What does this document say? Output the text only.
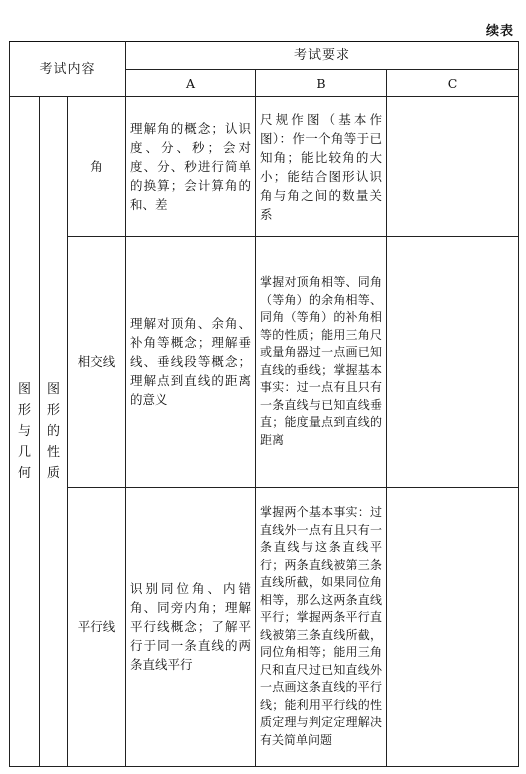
续表
考试内容			考试要求		
			A	B	C

图形与几何	图形的性质	角	理解角的概念；认识度、分、秒；会对度、分、秒进行简单的换算；会计算角的和、差	尺规作图（基本作图）：作一个角等于已知角；能比较角的大小；能结合图形认识角与角之间的数量关系	
		相交线	理解对顶角、余角、补角等概念；理解垂线、垂线段等概念；理解点到直线的距离的意义	掌握对顶角相等、同角（等角）的余角相等、同角（等角）的补角相等的性质；能用三角尺或量角器过一点画已知直线的垂线；掌握基本事实：过一点有且只有一条直线与已知直线垂直；能度量点到直线的距离	
		平行线	识别同位角、内错角、同旁内角；理解平行线概念；了解平行于同一条直线的两条直线平行	掌握两个基本事实：过直线外一点有且只有一条直线与这条直线平行；两条直线被第三条直线所截，如果同位角相等，那么这两条直线平行；掌握两条平行直线被第三条直线所截，同位角相等；能用三角尺和直尺过已知直线外一点画这条直线的平行线；能利用平行线的性质定理与判定定理解决有关简单问题	
